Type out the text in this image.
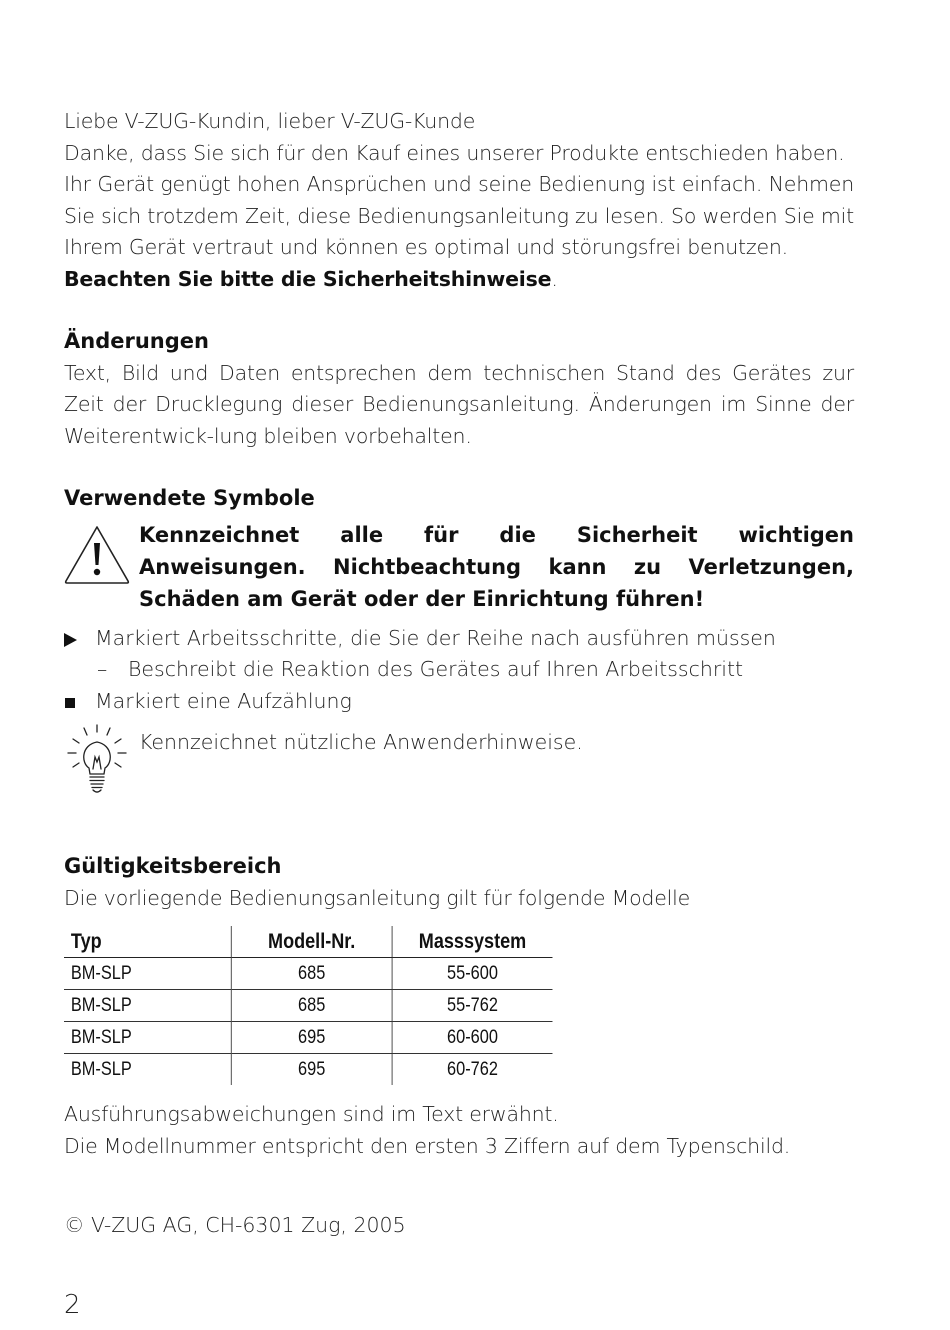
Liebe V-ZUG-Kundin, lieber V-ZUG-Kunde

Danke, dass Sie sich für den Kauf eines unserer Produkte entschieden haben.

Ihr Gerät genügt hohen Ansprüchen und seine Bedienung ist einfach. Nehmen Sie sich trotzdem Zeit, diese Bedienungsanleitung zu lesen. So werden Sie mit Ihrem Gerät vertraut und können es optimal und störungsfrei benutzen.

Beachten Sie bitte die Sicherheitshinweise.

Änderungen

Text, Bild und Daten entsprechen dem technischen Stand des Gerätes zur Zeit der Drucklegung dieser Bedienungsanleitung. Änderungen im Sinne der Weiterentwick-lung bleiben vorbehalten.

Verwendete Symbole
Kennzeichnet alle für die Sicherheit wichtigen Anweisungen. Nichtbeachtung kann zu Verletzungen, Schäden am Gerät oder der Einrichtung führen!
Markiert Arbeitsschritte, die Sie der Reihe nach ausführen müssen
–	Beschreibt die Reaktion des Gerätes auf Ihren Arbeitsschritt
Markiert eine Aufzählung
Kennzeichnet nützliche Anwenderhinweise.
Gültigkeitsbereich

Die vorliegende Bedienungsanleitung gilt für folgende Modelle

Typ	Modell-Nr.	Masssystem
BM-SLP	685	55-600
BM-SLP	685	55-762
BM-SLP	695	60-600
BM-SLP	695	60-762

Ausführungsabweichungen sind im Text erwähnt.

Die Modellnummer entspricht den ersten 3 Ziffern auf dem Typenschild.

© V-ZUG AG, CH-6301 Zug, 2005

2
